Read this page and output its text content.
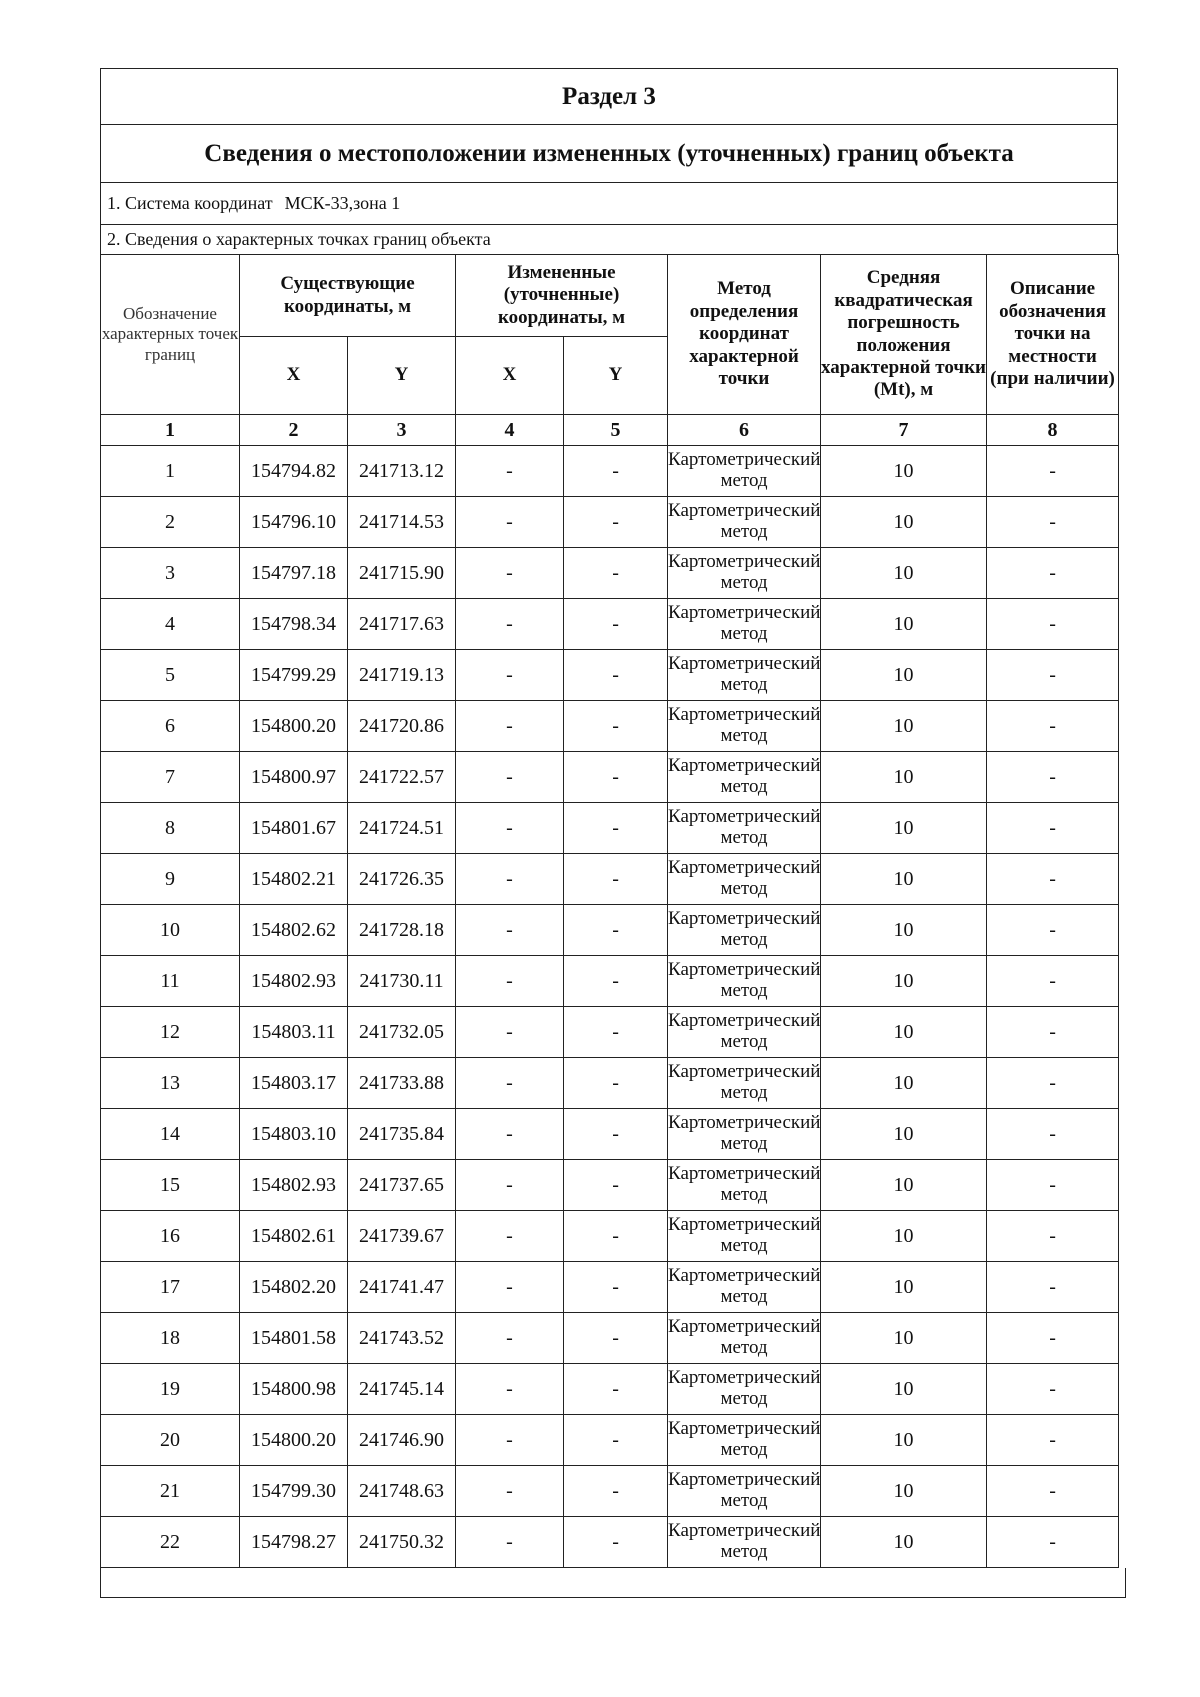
Раздел 3
Сведения о местоположении измененных (уточненных) границ объекта
1. Система координат МСК-33,зона 1
2. Сведения о характерных точках границ объекта
Обозначение характерных точек границ	Существующие координаты, м		Измененные (уточненные) координаты, м		Метод определения координат характерной точки	Средняя квадратическая погрешность положения характерной точки (Mt), м	Описание обозначения точки на местности (при наличии)
	X	Y	X	Y			
1	2	3	4	5	6	7	8
1	154794.82	241713.12	-	-	Картометрический метод	10	-
2	154796.10	241714.53	-	-	Картометрический метод	10	-
3	154797.18	241715.90	-	-	Картометрический метод	10	-
4	154798.34	241717.63	-	-	Картометрический метод	10	-
5	154799.29	241719.13	-	-	Картометрический метод	10	-
6	154800.20	241720.86	-	-	Картометрический метод	10	-
7	154800.97	241722.57	-	-	Картометрический метод	10	-
8	154801.67	241724.51	-	-	Картометрический метод	10	-
9	154802.21	241726.35	-	-	Картометрический метод	10	-
10	154802.62	241728.18	-	-	Картометрический метод	10	-
11	154802.93	241730.11	-	-	Картометрический метод	10	-
12	154803.11	241732.05	-	-	Картометрический метод	10	-
13	154803.17	241733.88	-	-	Картометрический метод	10	-
14	154803.10	241735.84	-	-	Картометрический метод	10	-
15	154802.93	241737.65	-	-	Картометрический метод	10	-
16	154802.61	241739.67	-	-	Картометрический метод	10	-
17	154802.20	241741.47	-	-	Картометрический метод	10	-
18	154801.58	241743.52	-	-	Картометрический метод	10	-
19	154800.98	241745.14	-	-	Картометрический метод	10	-
20	154800.20	241746.90	-	-	Картометрический метод	10	-
21	154799.30	241748.63	-	-	Картометрический метод	10	-
22	154798.27	241750.32	-	-	Картометрический метод	10	-
